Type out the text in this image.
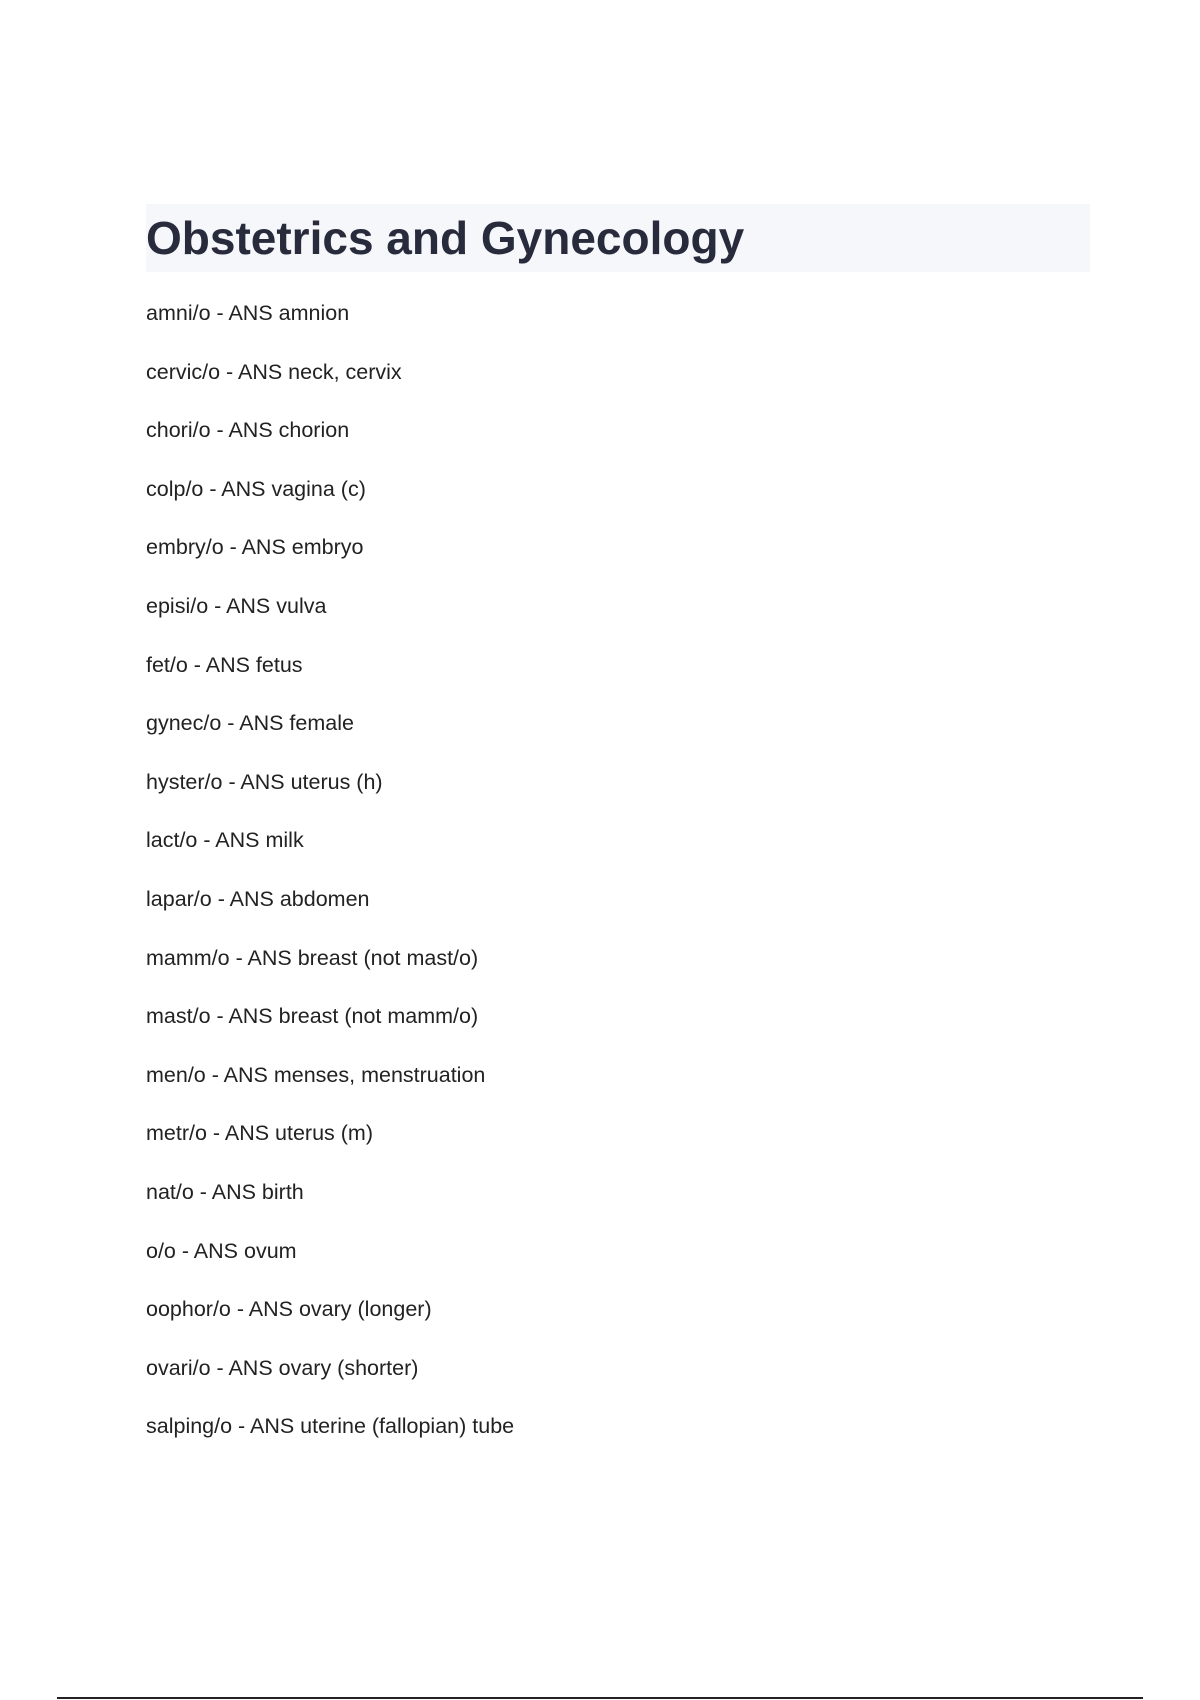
Obstetrics and Gynecology
amni/o - ANS amnion
cervic/o - ANS neck, cervix
chori/o - ANS chorion
colp/o - ANS vagina (c)
embry/o - ANS embryo
episi/o - ANS vulva
fet/o - ANS fetus
gynec/o - ANS female
hyster/o - ANS uterus (h)
lact/o - ANS milk
lapar/o - ANS abdomen
mamm/o - ANS breast (not mast/o)
mast/o - ANS breast (not mamm/o)
men/o - ANS menses, menstruation
metr/o - ANS uterus (m)
nat/o - ANS birth
o/o - ANS ovum
oophor/o - ANS ovary (longer)
ovari/o - ANS ovary (shorter)
salping/o - ANS uterine (fallopian) tube
